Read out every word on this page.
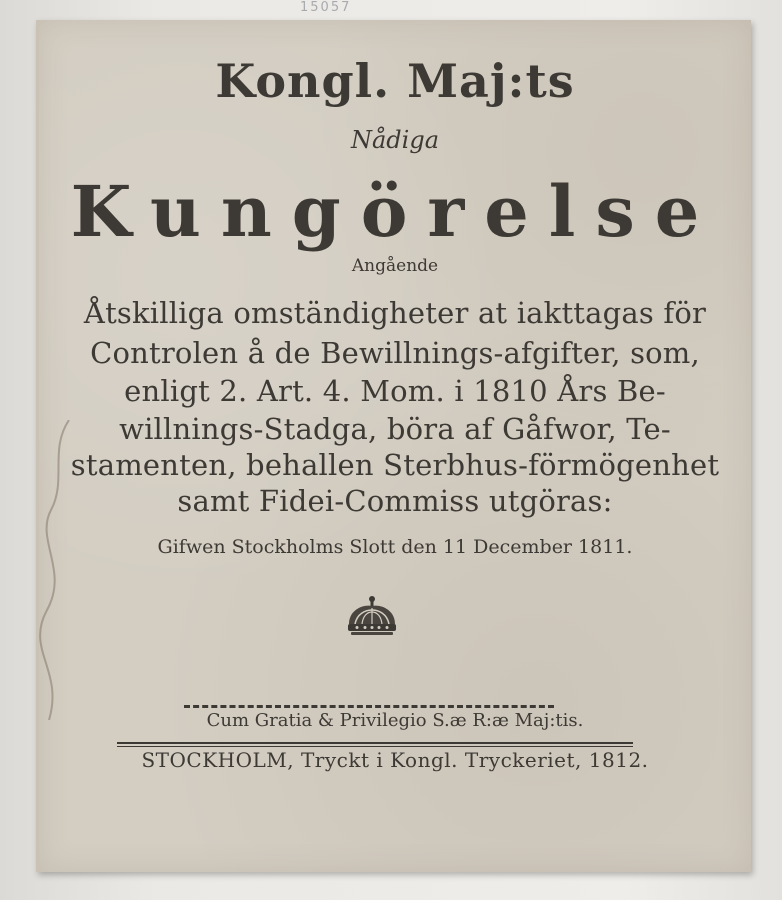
15057
Kongl. Maj:ts
Nådiga
Kungörelse
Angående
Åtskilliga omständigheter at iakttagas för
Controlen å de Bewillnings-afgifter, som,
enligt 2. Art. 4. Mom. i 1810 Års Be-
willnings-Stadga, böra af Gåfwor, Te-
stamenten, behallen Sterbhus-förmögenhet
samt Fidei-Commiss utgöras:
Gifwen Stockholms Slott den 11 December 1811.
Cum Gratia & Privilegio S.æ R:æ Maj:tis.
STOCKHOLM, Tryckt i Kongl. Tryckeriet, 1812.
